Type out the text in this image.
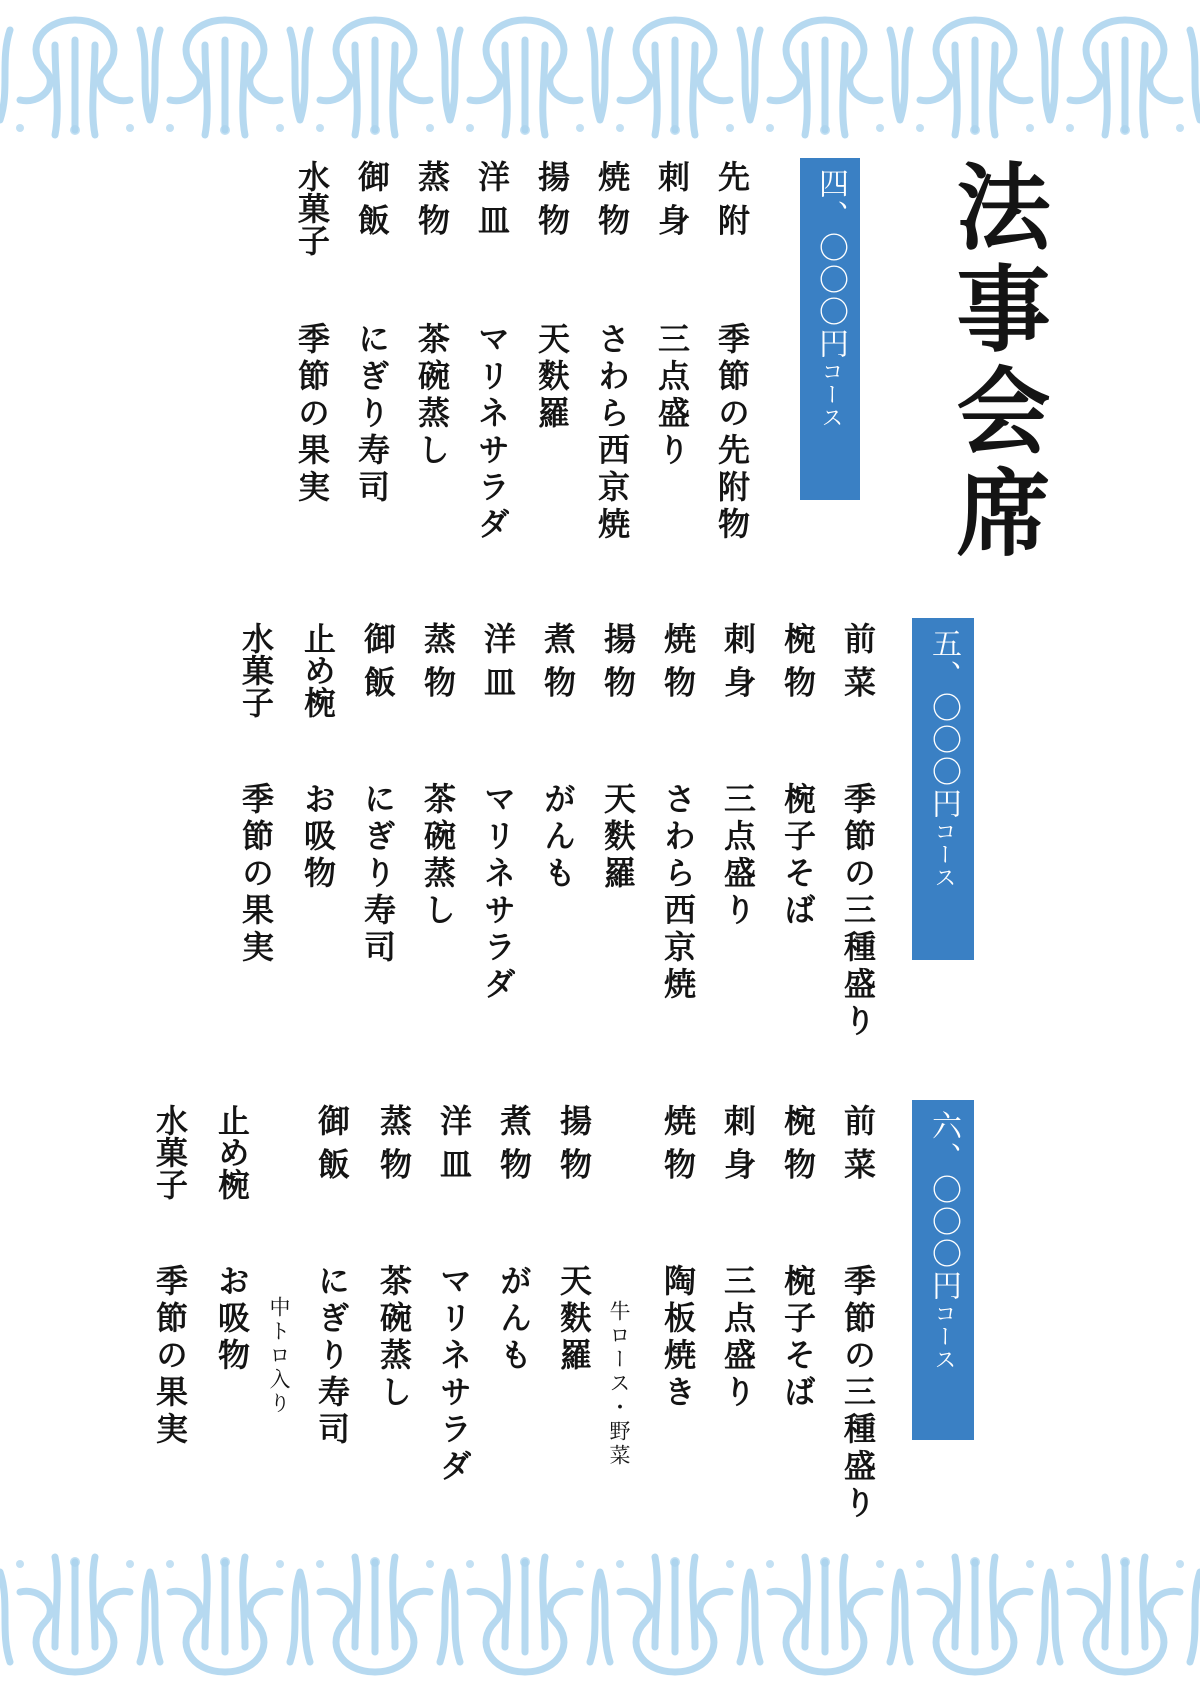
法事会席
四、〇〇〇円
コース
先 附
季節の先附物
刺 身
三点盛り
焼 物
さわら西京焼
揚 物
天麩羅
洋 皿
マリネサラダ
蒸 物
茶碗蒸し
御 飯
にぎり寿司
水菓子
季節の果実
五、〇〇〇円
コース
前 菜
季節の三種盛り
椀 物
椀子そば
刺 身
三点盛り
焼 物
さわら西京焼
揚 物
天麩羅
煮 物
がんも
洋 皿
マリネサラダ
蒸 物
茶碗蒸し
御 飯
にぎり寿司
止め椀
お吸物
水菓子
季節の果実
六、〇〇〇円
コース
前 菜
季節の三種盛り
椀 物
椀子そば
刺 身
三点盛り
焼 物
陶板焼き
牛ロース・野菜
揚 物
天麩羅
煮 物
がんも
洋 皿
マリネサラダ
蒸 物
茶碗蒸し
御 飯
にぎり寿司
中トロ入り
止め椀
お吸物
水菓子
季節の果実
